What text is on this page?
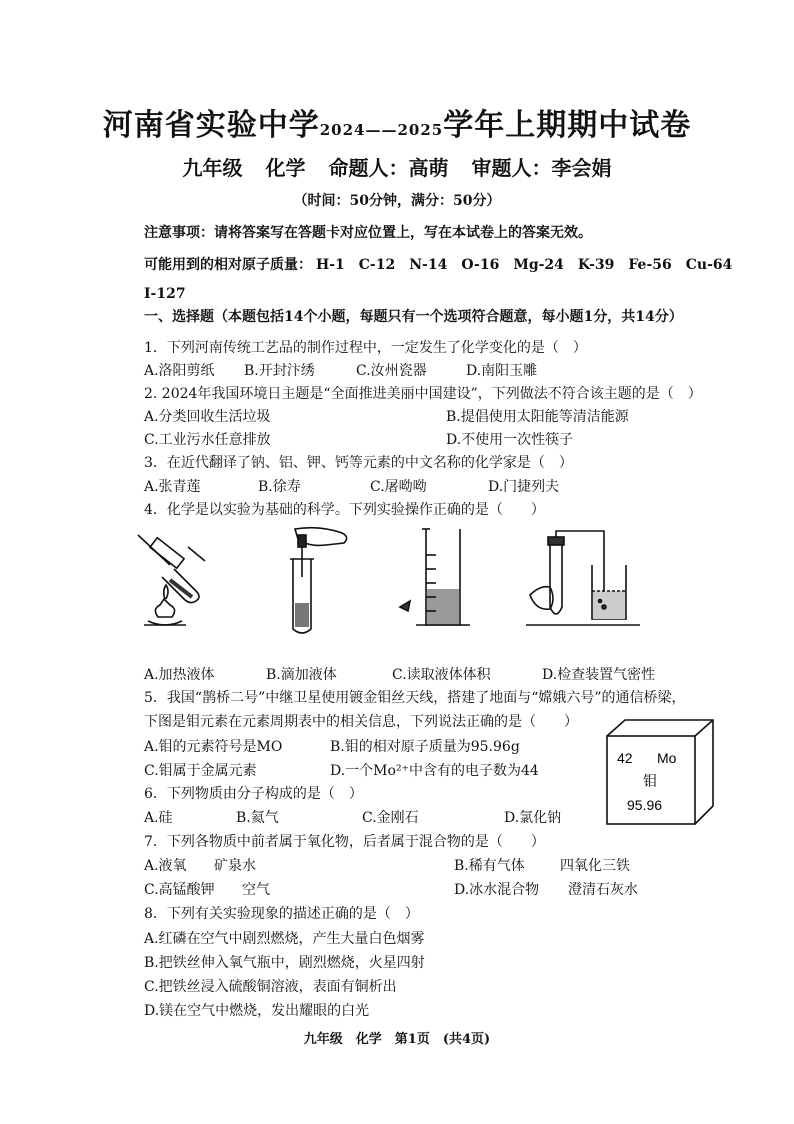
河南省实验中学2024——2025学年上期期中试卷
九年级 化学 命题人：高萌 审题人：李会娟
（时间：50分钟，满分：50分）
注意事项：请将答案写在答题卡对应位置上，写在本试卷上的答案无效。
可能用到的相对原子质量： H-1 C-12 N-14 O-16 Mg-24 K-39 Fe-56 Cu-64
I-127
一、选择题（本题包括14个小题，每题只有一个选项符合题意，每小题1分，共14分）
1．下列河南传统工艺品的制作过程中，一定发生了化学变化的是（　）
A.洛阳剪纸 B.开封汴绣	C.汝州瓷器	D.南阳玉雕
2. 2024年我国环境日主题是“全面推进美丽中国建设”，下列做法不符合该主题的是（　）
A.分类回收生活垃圾	B.提倡使用太阳能等清洁能源
C.工业污水任意排放	D.不使用一次性筷子
3．在近代翻译了钠、铝、钾、钙等元素的中文名称的化学家是（　）
A.张青莲	B.徐寿	C.屠呦呦	D.门捷列夫
4．化学是以实验为基础的科学。下列实验操作正确的是（　　）
A.加热液体	B.滴加液体	C.读取液体体积	D.检查装置气密性
5．我国“鹊桥二号”中继卫星使用镀金钼丝天线，搭建了地面与“嫦娥六号”的通信桥梁，
下图是钼元素在元素周期表中的相关信息，下列说法正确的是（　　）
A.钼的元素符号是MO	B.钼的相对原子质量为95.96g
C.钼属于金属元素	D.一个Mo²⁺中含有的电子数为44
42 Mo
钼
95.96
6．下列物质由分子构成的是（　）
A.硅	B.氦气	C.金刚石	D.氯化钠
7．下列各物质中前者属于氧化物，后者属于混合物的是（　　）
A.液氧 矿泉水	B.稀有气体	四氧化三铁
C.高锰酸钾 空气	D.冰水混合物 澄清石灰水
8．下列有关实验现象的描述正确的是（　）
A.红磷在空气中剧烈燃烧，产生大量白色烟雾
B.把铁丝伸入氧气瓶中，剧烈燃烧，火星四射
C.把铁丝浸入硫酸铜溶液，表面有铜析出
D.镁在空气中燃烧，发出耀眼的白光
九年级　化学　第1页　(共4页)
